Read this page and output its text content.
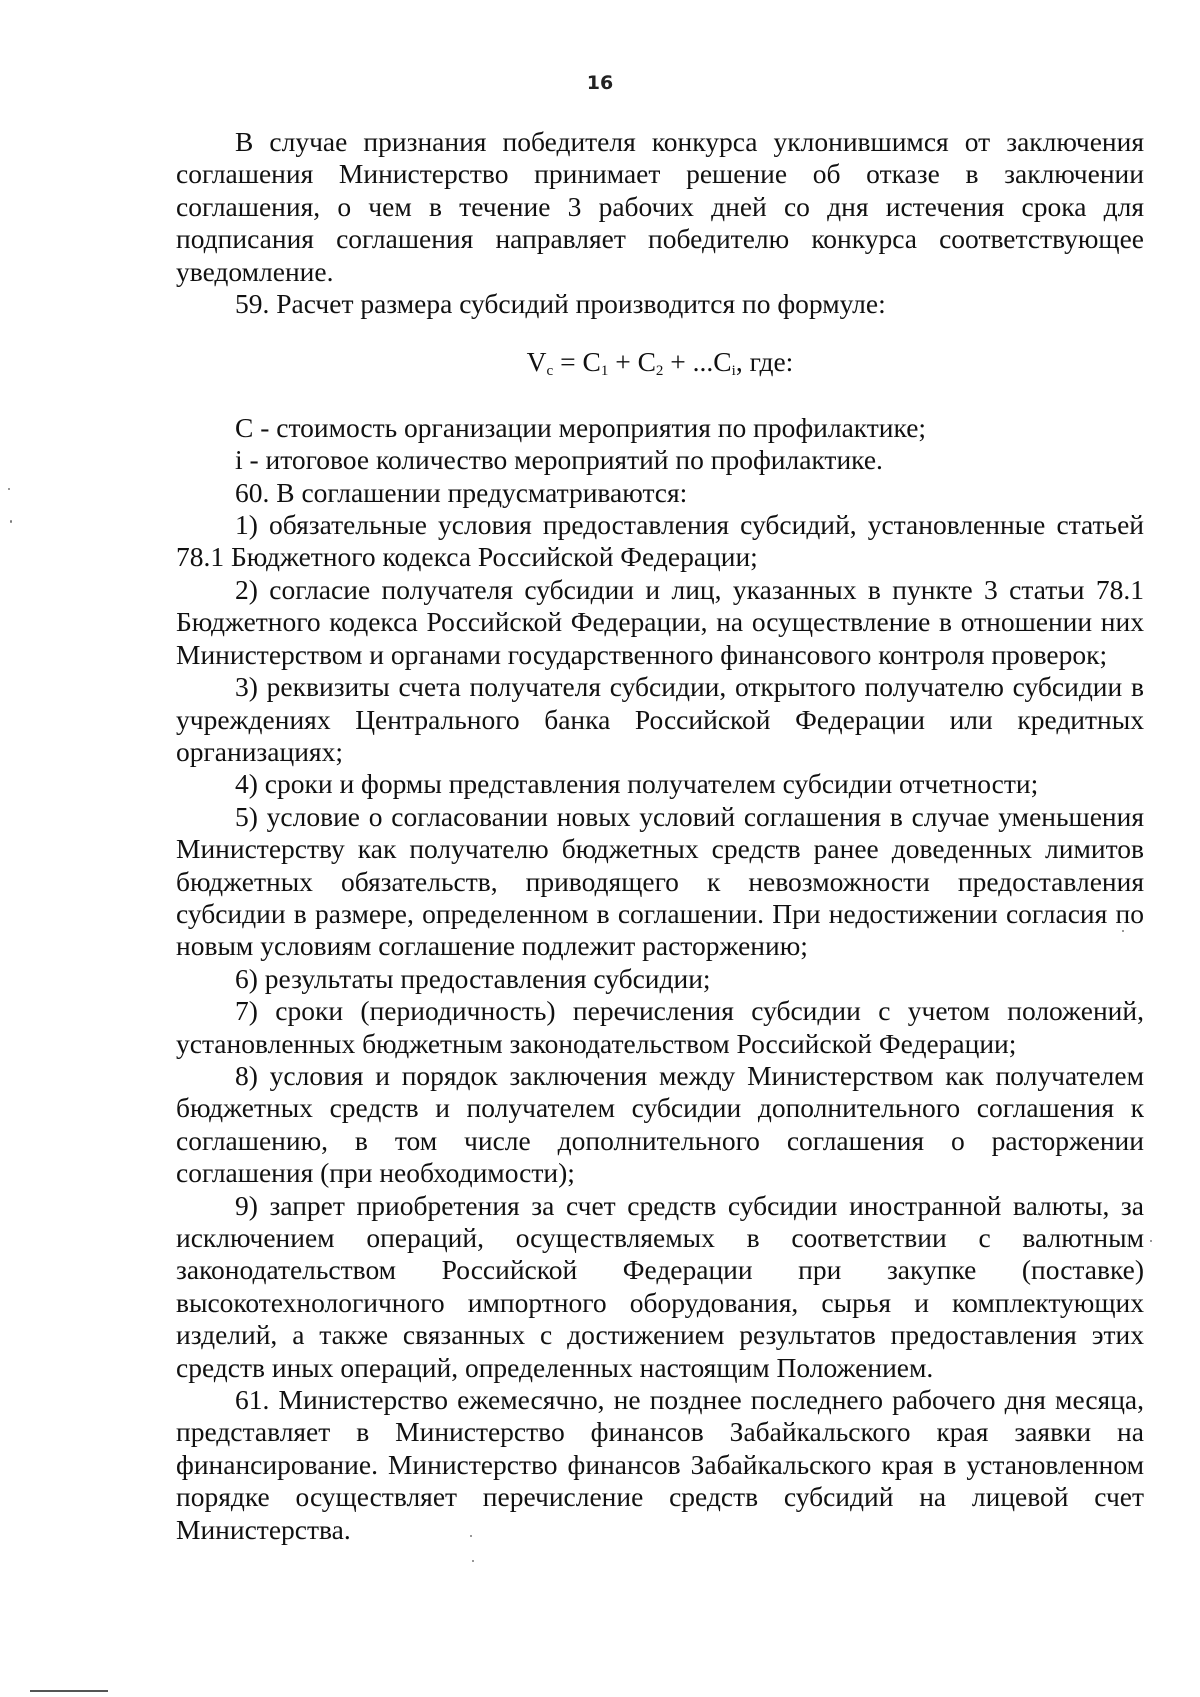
16

В случае признания победителя конкурса уклонившимся от заключения соглашения Министерство принимает решение об отказе в заключении соглашения, о чем в течение 3 рабочих дней со дня истечения срока для подписания соглашения направляет победителю конкурса соответствующее уведомление.

59. Расчет размера субсидий производится по формуле:

$V_c = C_1 + C_2 + ...C_i$, где:

С - стоимость организации мероприятия по профилактике;

i - итоговое количество мероприятий по профилактике.

60. В соглашении предусматриваются:

1) обязательные условия предоставления субсидий, установленные статьей 78.1 Бюджетного кодекса Российской Федерации;

2) согласие получателя субсидии и лиц, указанных в пункте 3 статьи 78.1 Бюджетного кодекса Российской Федерации, на осуществление в отношении них Министерством и органами государственного финансового контроля проверок;

3) реквизиты счета получателя субсидии, открытого получателю субсидии в учреждениях Центрального банка Российской Федерации или кредитных организациях;

4) сроки и формы представления получателем субсидии отчетности;

5) условие о согласовании новых условий соглашения в случае уменьшения Министерству как получателю бюджетных средств ранее доведенных лимитов бюджетных обязательств, приводящего к невозможности предоставления субсидии в размере, определенном в соглашении. При недостижении согласия по новым условиям соглашение подлежит расторжению;

6) результаты предоставления субсидии;

7) сроки (периодичность) перечисления субсидии с учетом положений, установленных бюджетным законодательством Российской Федерации;

8) условия и порядок заключения между Министерством как получателем бюджетных средств и получателем субсидии дополнительного соглашения к соглашению, в том числе дополнительного соглашения о расторжении соглашения (при необходимости);

9) запрет приобретения за счет средств субсидии иностранной валюты, за исключением операций, осуществляемых в соответствии с валютным законодательством Российской Федерации при закупке (поставке) высокотехнологичного импортного оборудования, сырья и комплектующих изделий, а также связанных с достижением результатов предоставления этих средств иных операций, определенных настоящим Положением.

61. Министерство ежемесячно, не позднее последнего рабочего дня месяца, представляет в Министерство финансов Забайкальского края заявки на финансирование. Министерство финансов Забайкальского края в установленном порядке осуществляет перечисление средств субсидий на лицевой счет Министерства.
